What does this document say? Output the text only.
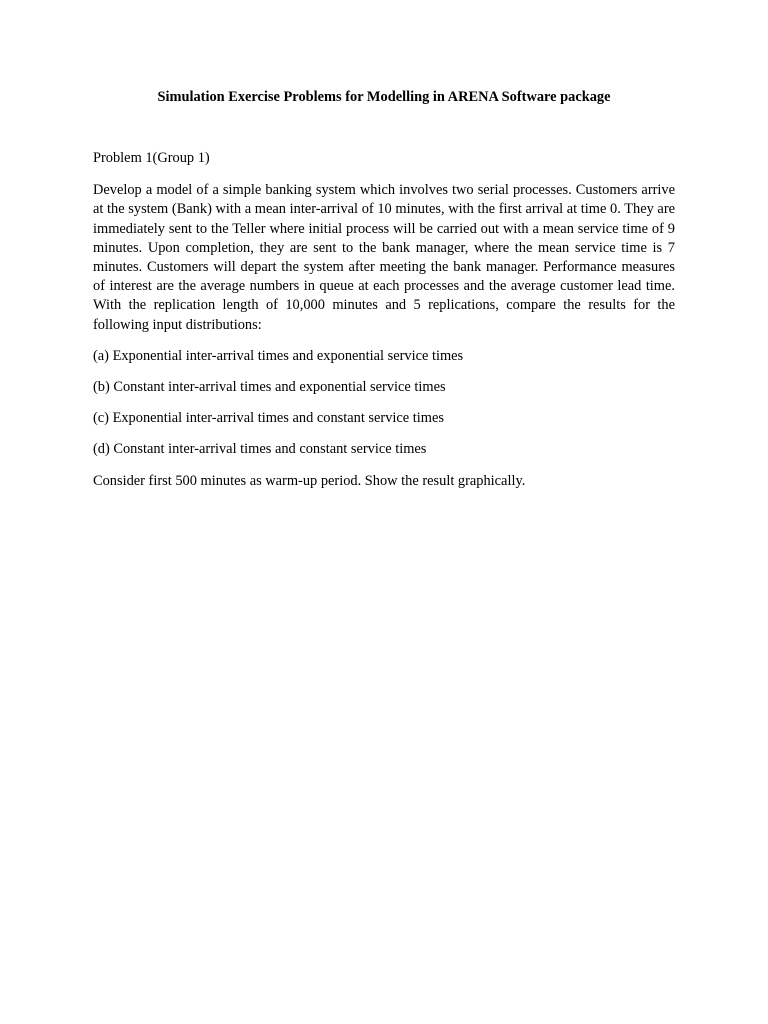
Simulation Exercise Problems for Modelling in ARENA Software package
Problem 1(Group 1)
Develop a model of a simple banking system which involves two serial processes. Customers arrive at the system (Bank) with a mean inter-arrival of 10 minutes, with the first arrival at time 0. They are immediately sent to the Teller where initial process will be carried out with a mean service time of 9 minutes. Upon completion, they are sent to the bank manager, where the mean service time is 7 minutes. Customers will depart the system after meeting the bank manager. Performance measures of interest are the average numbers in queue at each processes and the average customer lead time. With the replication length of 10,000 minutes and 5 replications, compare the results for the following input distributions:
(a) Exponential inter-arrival times and exponential service times
(b) Constant inter-arrival times and exponential service times
(c) Exponential inter-arrival times and constant service times
(d) Constant inter-arrival times and constant service times
Consider first 500 minutes as warm-up period. Show the result graphically.
